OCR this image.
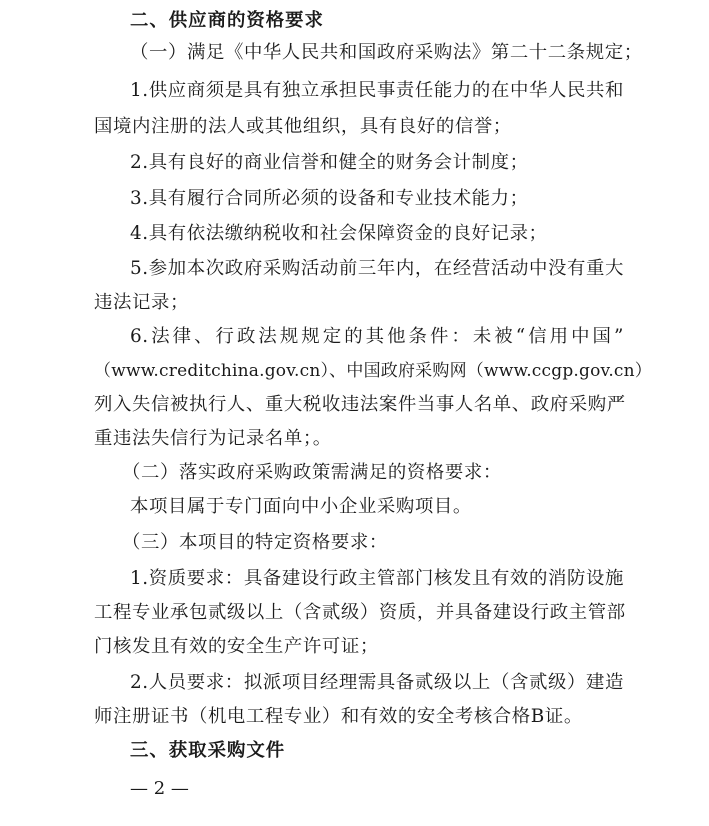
二、供应商的资格要求
（一）满足《中华人民共和国政府采购法》第二十二条规定；
1.供应商须是具有独立承担民事责任能力的在中华人民共和
国境内注册的法人或其他组织，具有良好的信誉；
2.具有良好的商业信誉和健全的财务会计制度；
3.具有履行合同所必须的设备和专业技术能力；
4.具有依法缴纳税收和社会保障资金的良好记录；
5.参加本次政府采购活动前三年内，在经营活动中没有重大
违法记录；
6.法律、行政法规规定的其他条件：未被“信用中国”
（www.creditchina.gov.cn）、中国政府采购网（www.ccgp.gov.cn）
列入失信被执行人、重大税收违法案件当事人名单、政府采购严
重违法失信行为记录名单；。
（二）落实政府采购政策需满足的资格要求：
本项目属于专门面向中小企业采购项目。
（三）本项目的特定资格要求：
1.资质要求：具备建设行政主管部门核发且有效的消防设施
工程专业承包贰级以上（含贰级）资质，并具备建设行政主管部
门核发且有效的安全生产许可证；
2.人员要求：拟派项目经理需具备贰级以上（含贰级）建造
师注册证书（机电工程专业）和有效的安全考核合格B证。
三、获取采购文件
— 2 —
